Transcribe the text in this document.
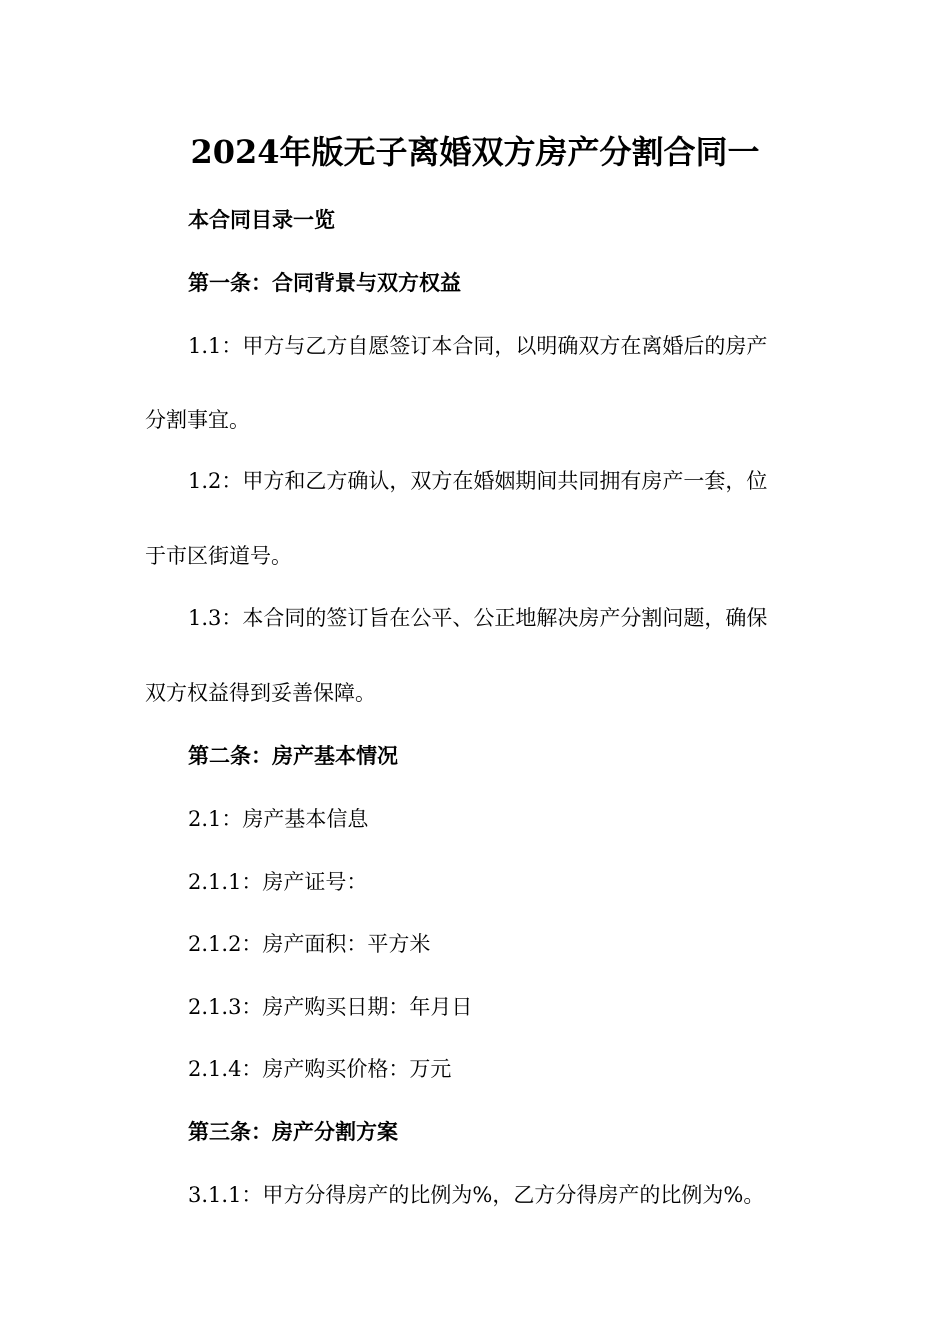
2024年版无子离婚双方房产分割合同一
本合同目录一览
第一条：合同背景与双方权益
1.1：甲方与乙方自愿签订本合同，以明确双方在离婚后的房产
分割事宜。
1.2：甲方和乙方确认，双方在婚姻期间共同拥有房产一套，位
于市区街道号。
1.3：本合同的签订旨在公平、公正地解决房产分割问题，确保
双方权益得到妥善保障。
第二条：房产基本情况
2.1：房产基本信息
2.1.1：房产证号：
2.1.2：房产面积：平方米
2.1.3：房产购买日期：年月日
2.1.4：房产购买价格：万元
第三条：房产分割方案
3.1.1：甲方分得房产的比例为%，乙方分得房产的比例为%。
